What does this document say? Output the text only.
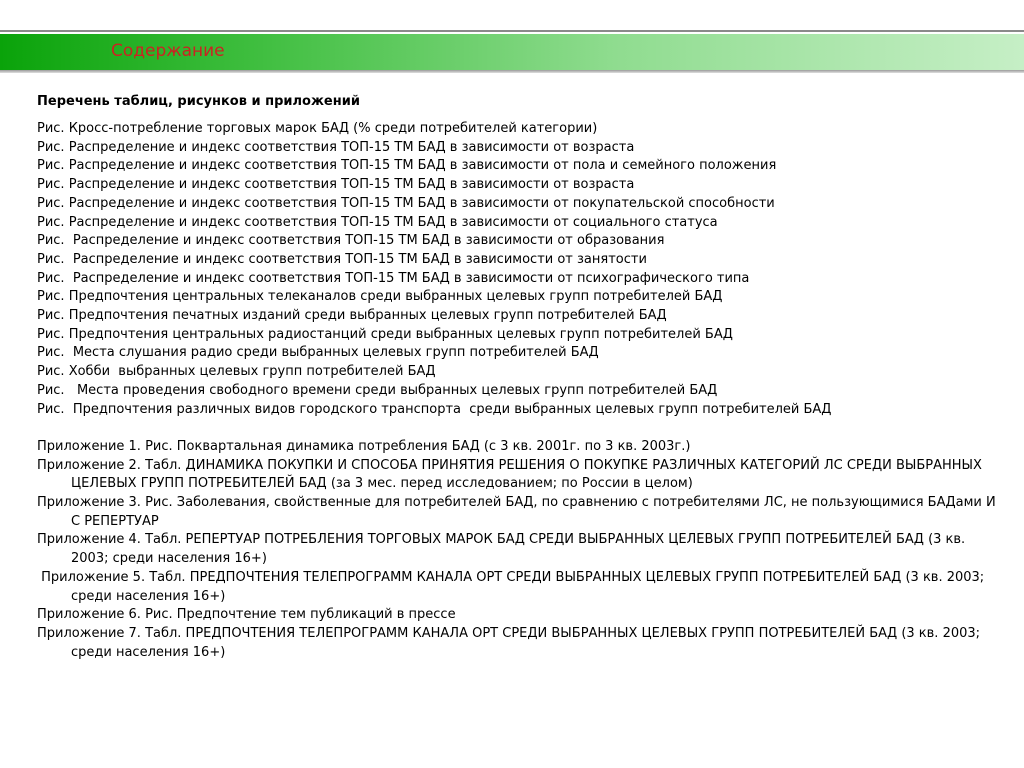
Содержание
Перечень таблиц, рисунков и приложений
Рис. Кросс-потребление торговых марок БАД (% среди потребителей категории)
Рис. Распределение и индекс соответствия ТОП-15 ТМ БАД в зависимости от возраста
Рис. Распределение и индекс соответствия ТОП-15 ТМ БАД в зависимости от пола и семейного положения
Рис. Распределение и индекс соответствия ТОП-15 ТМ БАД в зависимости от возраста
Рис. Распределение и индекс соответствия ТОП-15 ТМ БАД в зависимости от покупательской способности
Рис. Распределение и индекс соответствия ТОП-15 ТМ БАД в зависимости от социального статуса
Рис.  Распределение и индекс соответствия ТОП-15 ТМ БАД в зависимости от образования
Рис.  Распределение и индекс соответствия ТОП-15 ТМ БАД в зависимости от занятости
Рис.  Распределение и индекс соответствия ТОП-15 ТМ БАД в зависимости от психографического типа
Рис. Предпочтения центральных телеканалов среди выбранных целевых групп потребителей БАД
Рис. Предпочтения печатных изданий среди выбранных целевых групп потребителей БАД
Рис. Предпочтения центральных радиостанций среди выбранных целевых групп потребителей БАД
Рис.  Места слушания радио среди выбранных целевых групп потребителей БАД
Рис. Хобби  выбранных целевых групп потребителей БАД
Рис.   Места проведения свободного времени среди выбранных целевых групп потребителей БАД
Рис.  Предпочтения различных видов городского транспорта  среди выбранных целевых групп потребителей БАД
Приложение 1. Рис. Поквартальная динамика потребления БАД (с 3 кв. 2001г. по 3 кв. 2003г.)
Приложение 2. Табл. ДИНАМИКА ПОКУПКИ И СПОСОБА ПРИНЯТИЯ РЕШЕНИЯ О ПОКУПКЕ РАЗЛИЧНЫХ КАТЕГОРИЙ ЛС СРЕДИ ВЫБРАННЫХ ЦЕЛЕВЫХ ГРУПП ПОТРЕБИТЕЛЕЙ БАД (за 3 мес. перед исследованием; по России в целом)
Приложение 3. Рис. Заболевания, свойственные для потребителей БАД, по сравнению с потребителями ЛС, не пользующимися БАДами И С РЕПЕРТУАР
Приложение 4. Табл. РЕПЕРТУАР ПОТРЕБЛЕНИЯ ТОРГОВЫХ МАРОК БАД СРЕДИ ВЫБРАННЫХ ЦЕЛЕВЫХ ГРУПП ПОТРЕБИТЕЛЕЙ БАД (3 кв. 2003; среди населения 16+)
Приложение 5. Табл. ПРЕДПОЧТЕНИЯ ТЕЛЕПРОГРАММ КАНАЛА ОРТ СРЕДИ ВЫБРАННЫХ ЦЕЛЕВЫХ ГРУПП ПОТРЕБИТЕЛЕЙ БАД (3 кв. 2003; среди населения 16+)
Приложение 6. Рис. Предпочтение тем публикаций в прессе
Приложение 7. Табл. ПРЕДПОЧТЕНИЯ ТЕЛЕПРОГРАММ КАНАЛА ОРТ СРЕДИ ВЫБРАННЫХ ЦЕЛЕВЫХ ГРУПП ПОТРЕБИТЕЛЕЙ БАД (3 кв. 2003; среди населения 16+)
